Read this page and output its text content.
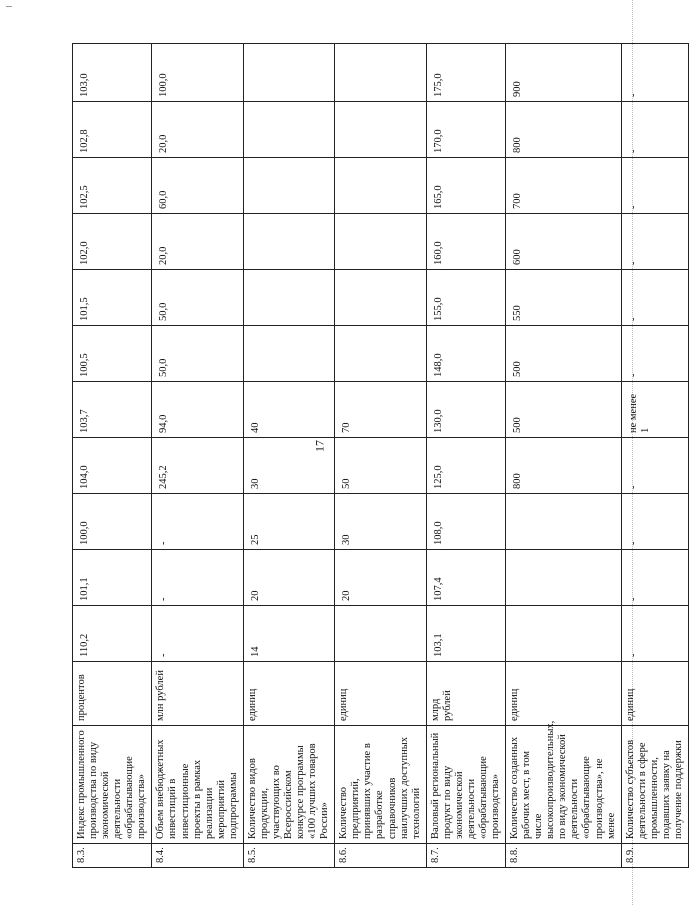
17
8.3.	Индекс промышленного производства по виду экономической деятельности «обрабатывающие производства»	процентов	110,2	101,1	100,0	104,0	103,7	100,5	101,5	102,0	102,5	102,8	103,0
8.4.	Объем внебюджетных инвестиций в инвестиционные проекты в рамках реализации мероприятий подпрограммы	млн рублей	-	-	-	245,2	94,0	50,0	50,0	20,0	60,0	20,0	100,0
8.5.	Количество видов продукции, участвующих во Всероссийском конкурсе программы «100 лучших товаров России»	единиц	14	20	25	30	40						
8.6.	Количество предприятий, принявших участие в разработке справочников наилучших доступных технологий	единиц		20	30	50	70						
8.7.	Валовый региональный продукт по виду экономической деятельности «обрабатывающие производства»	млрд рублей	103,1	107,4	108,0	125,0	130,0	148,0	155,0	160,0	165,0	170,0	175,0
8.8.	Количество созданных рабочих мест, в том числе высокопроизводительных, по виду экономической деятельности «обрабатывающие производства», не менее	единиц				800	500	500	550	600	700	800	900
8.9.	Количество субъектов деятельности в сфере промышленности, подавших заявку на получение поддержки	единиц	-	-	-	-	не менее 1	-	-	-	-	-	-
